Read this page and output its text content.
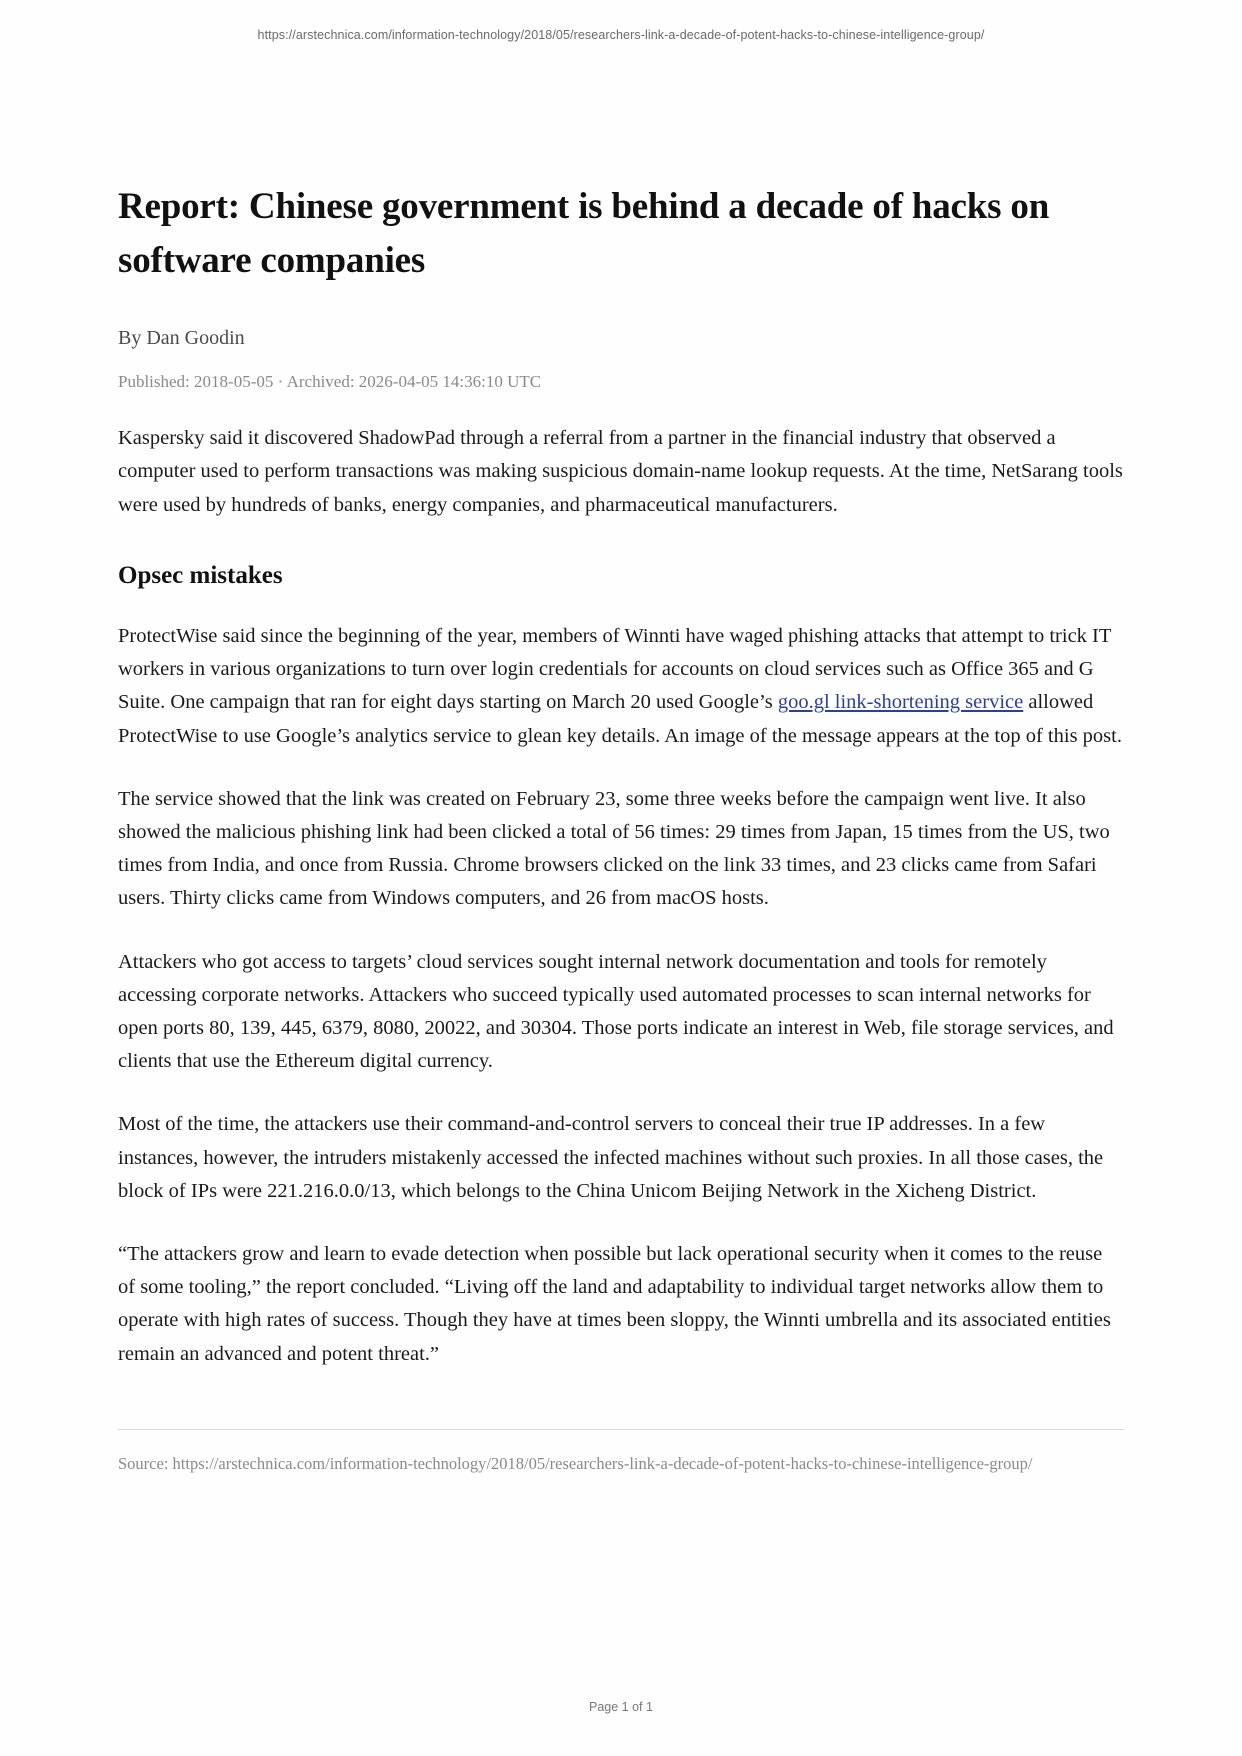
https://arstechnica.com/information-technology/2018/05/researchers-link-a-decade-of-potent-hacks-to-chinese-intelligence-group/
Report: Chinese government is behind a decade of hacks on software companies
By Dan Goodin
Published: 2018-05-05 · Archived: 2026-04-05 14:36:10 UTC

Kaspersky said it discovered ShadowPad through a referral from a partner in the financial industry that observed a computer used to perform transactions was making suspicious domain-name lookup requests. At the time, NetSarang tools were used by hundreds of banks, energy companies, and pharmaceutical manufacturers.

Opsec mistakes

ProtectWise said since the beginning of the year, members of Winnti have waged phishing attacks that attempt to trick IT workers in various organizations to turn over login credentials for accounts on cloud services such as Office 365 and G Suite. One campaign that ran for eight days starting on March 20 used Google’s goo.gl link-shortening service allowed ProtectWise to use Google’s analytics service to glean key details. An image of the message appears at the top of this post.

The service showed that the link was created on February 23, some three weeks before the campaign went live. It also showed the malicious phishing link had been clicked a total of 56 times: 29 times from Japan, 15 times from the US, two times from India, and once from Russia. Chrome browsers clicked on the link 33 times, and 23 clicks came from Safari users. Thirty clicks came from Windows computers, and 26 from macOS hosts.

Attackers who got access to targets’ cloud services sought internal network documentation and tools for remotely accessing corporate networks. Attackers who succeed typically used automated processes to scan internal networks for open ports 80, 139, 445, 6379, 8080, 20022, and 30304. Those ports indicate an interest in Web, file storage services, and clients that use the Ethereum digital currency.

Most of the time, the attackers use their command-and-control servers to conceal their true IP addresses. In a few instances, however, the intruders mistakenly accessed the infected machines without such proxies. In all those cases, the block of IPs were 221.216.0.0/13, which belongs to the China Unicom Beijing Network in the Xicheng District.

“The attackers grow and learn to evade detection when possible but lack operational security when it comes to the reuse of some tooling,” the report concluded. “Living off the land and adaptability to individual target networks allow them to operate with high rates of success. Though they have at times been sloppy, the Winnti umbrella and its associated entities remain an advanced and potent threat.”

Source: https://arstechnica.com/information-technology/2018/05/researchers-link-a-decade-of-potent-hacks-to-chinese-intelligence-group/
Page 1 of 1
